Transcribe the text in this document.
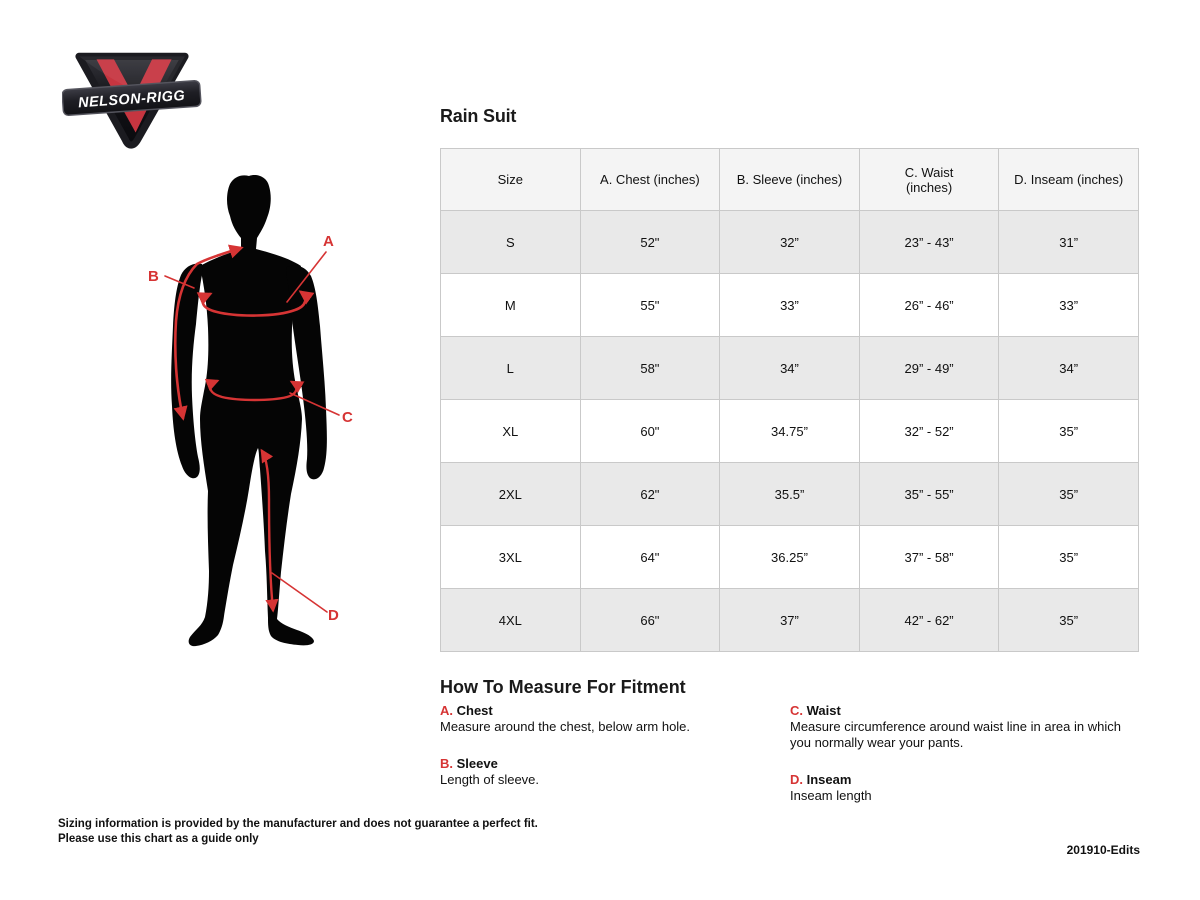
NELSON-RIGG
A
B
C
D
Rain Suit
Size	A. Chest (inches)	B. Sleeve (inches)	C. Waist
(inches)	D. Inseam (inches)

S	52"	32”	23” - 43”	31”
M	55"	33”	26” - 46”	33”
L	58"	34”	29” - 49”	34”
XL	60"	34.75”	32” - 52”	35”
2XL	62"	35.5”	35” - 55”	35”
3XL	64"	36.25”	37” - 58”	35”
4XL	66"	37”	42” - 62”	35”
How To Measure For Fitment
A. Chest
Measure around the chest, below arm hole.
B. Sleeve
Length of sleeve.
C. Waist
Measure circumference around waist line in area in which you normally wear your pants.
D. Inseam
Inseam length
Sizing information is provided by the manufacturer and does not guarantee a perfect fit.
Please use this chart as a guide only
201910-Edits
